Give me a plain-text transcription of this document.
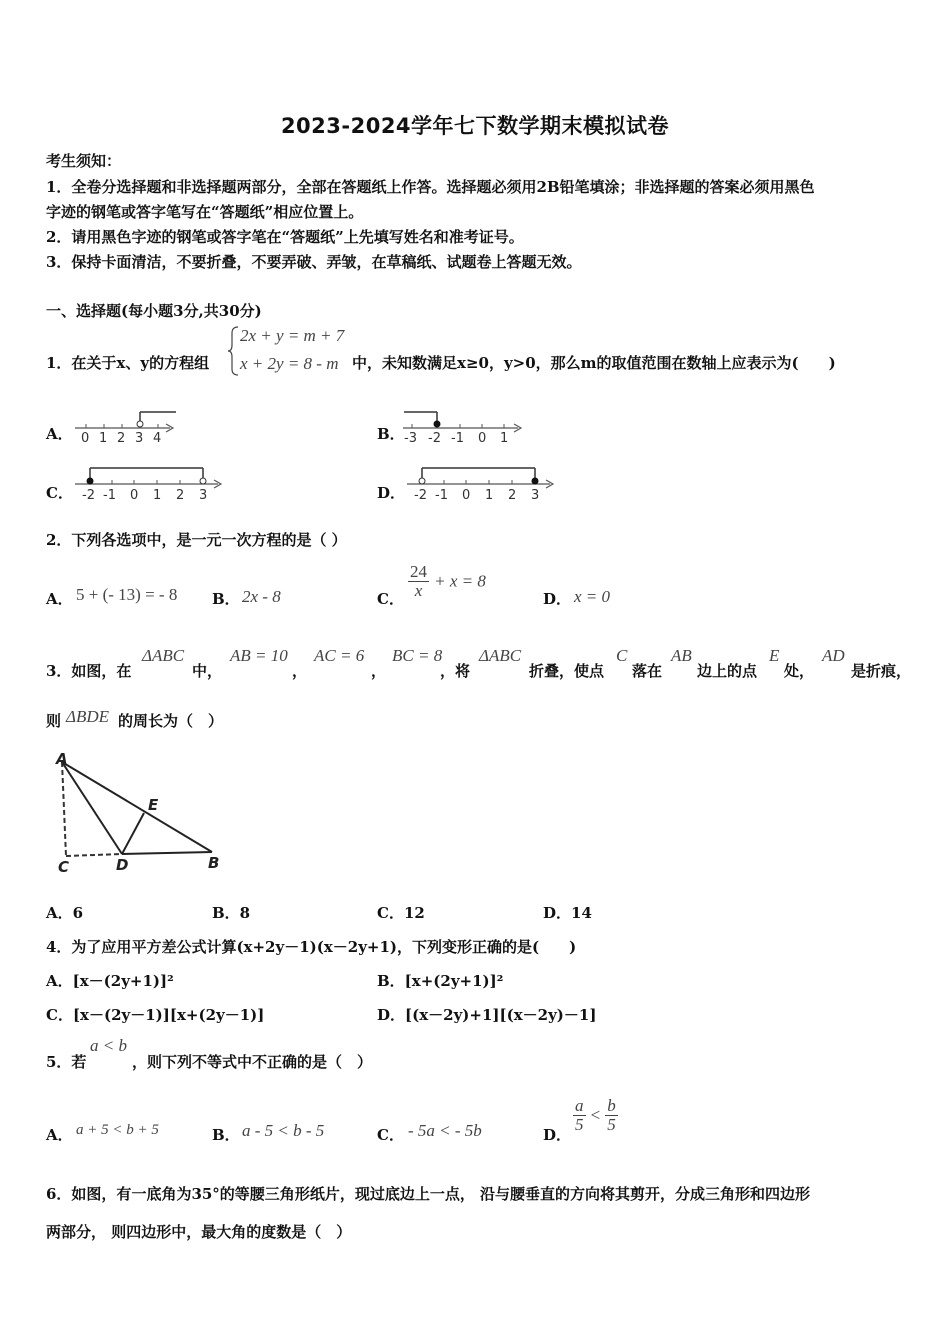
2023-2024学年七下数学期末模拟试卷
考生须知：
1．全卷分选择题和非选择题两部分，全部在答题纸上作答。选择题必须用2B铅笔填涂；非选择题的答案必须用黑色
字迹的钢笔或答字笔写在“答题纸”相应位置上。
2．请用黑色字迹的钢笔或答字笔在“答题纸”上先填写姓名和准考证号。
3．保持卡面清洁，不要折叠，不要弄破、弄皱，在草稿纸、试题卷上答题无效。
一、选择题(每小题3分,共30分)
1．在关于x、y的方程组
2x + y = m + 7
x + 2y = 8 - m 中，未知数满足x≥0，y>0，那么m的取值范围在数轴上应表示为(　　)
A． 0 1 2 3 4	B． -3 -2 -1 0 1
C． -2 -1 0 1 2 3	D． -2 -1 0 1 2 3
2．下列各选项中，是一元一次方程的是（ ）
A． 5 + (- 13) = - 8 B． 2x - 8	C． $\frac{24}{x} + x = 8$
D． x = 0
3．如图，在
ΔABC
中，
AB = 10
，
AC = 6
，
BC = 8
，将
ΔABC
折叠，使点
C
落在
AB
边上的点
E
处，
AD
是折痕，
则 ΔBDE 的周长为（　）
A
E
C	D	B
A．6	B．8	C．12	D．14
4．为了应用平方差公式计算(x+2y－1)(x－2y+1)，下列变形正确的是(　　)
A．[x－(2y+1)]²	B．[x+(2y+1)]²
C．[x－(2y－1)][x+(2y－1)]	D．[(x－2y)+1][(x－2y)－1]
5．若
a < b
，则下列不等式中不正确的是（　）
A． a + 5 < b + 5	B． a - 5 < b - 5	C． - 5a < - 5b	D．
$\frac{a}{5} < \frac{b}{5}$
6．如图，有一底角为35°的等腰三角形纸片，现过底边上一点， 沿与腰垂直的方向将其剪开，分成三角形和四边形
两部分， 则四边形中，最大角的度数是（　）
